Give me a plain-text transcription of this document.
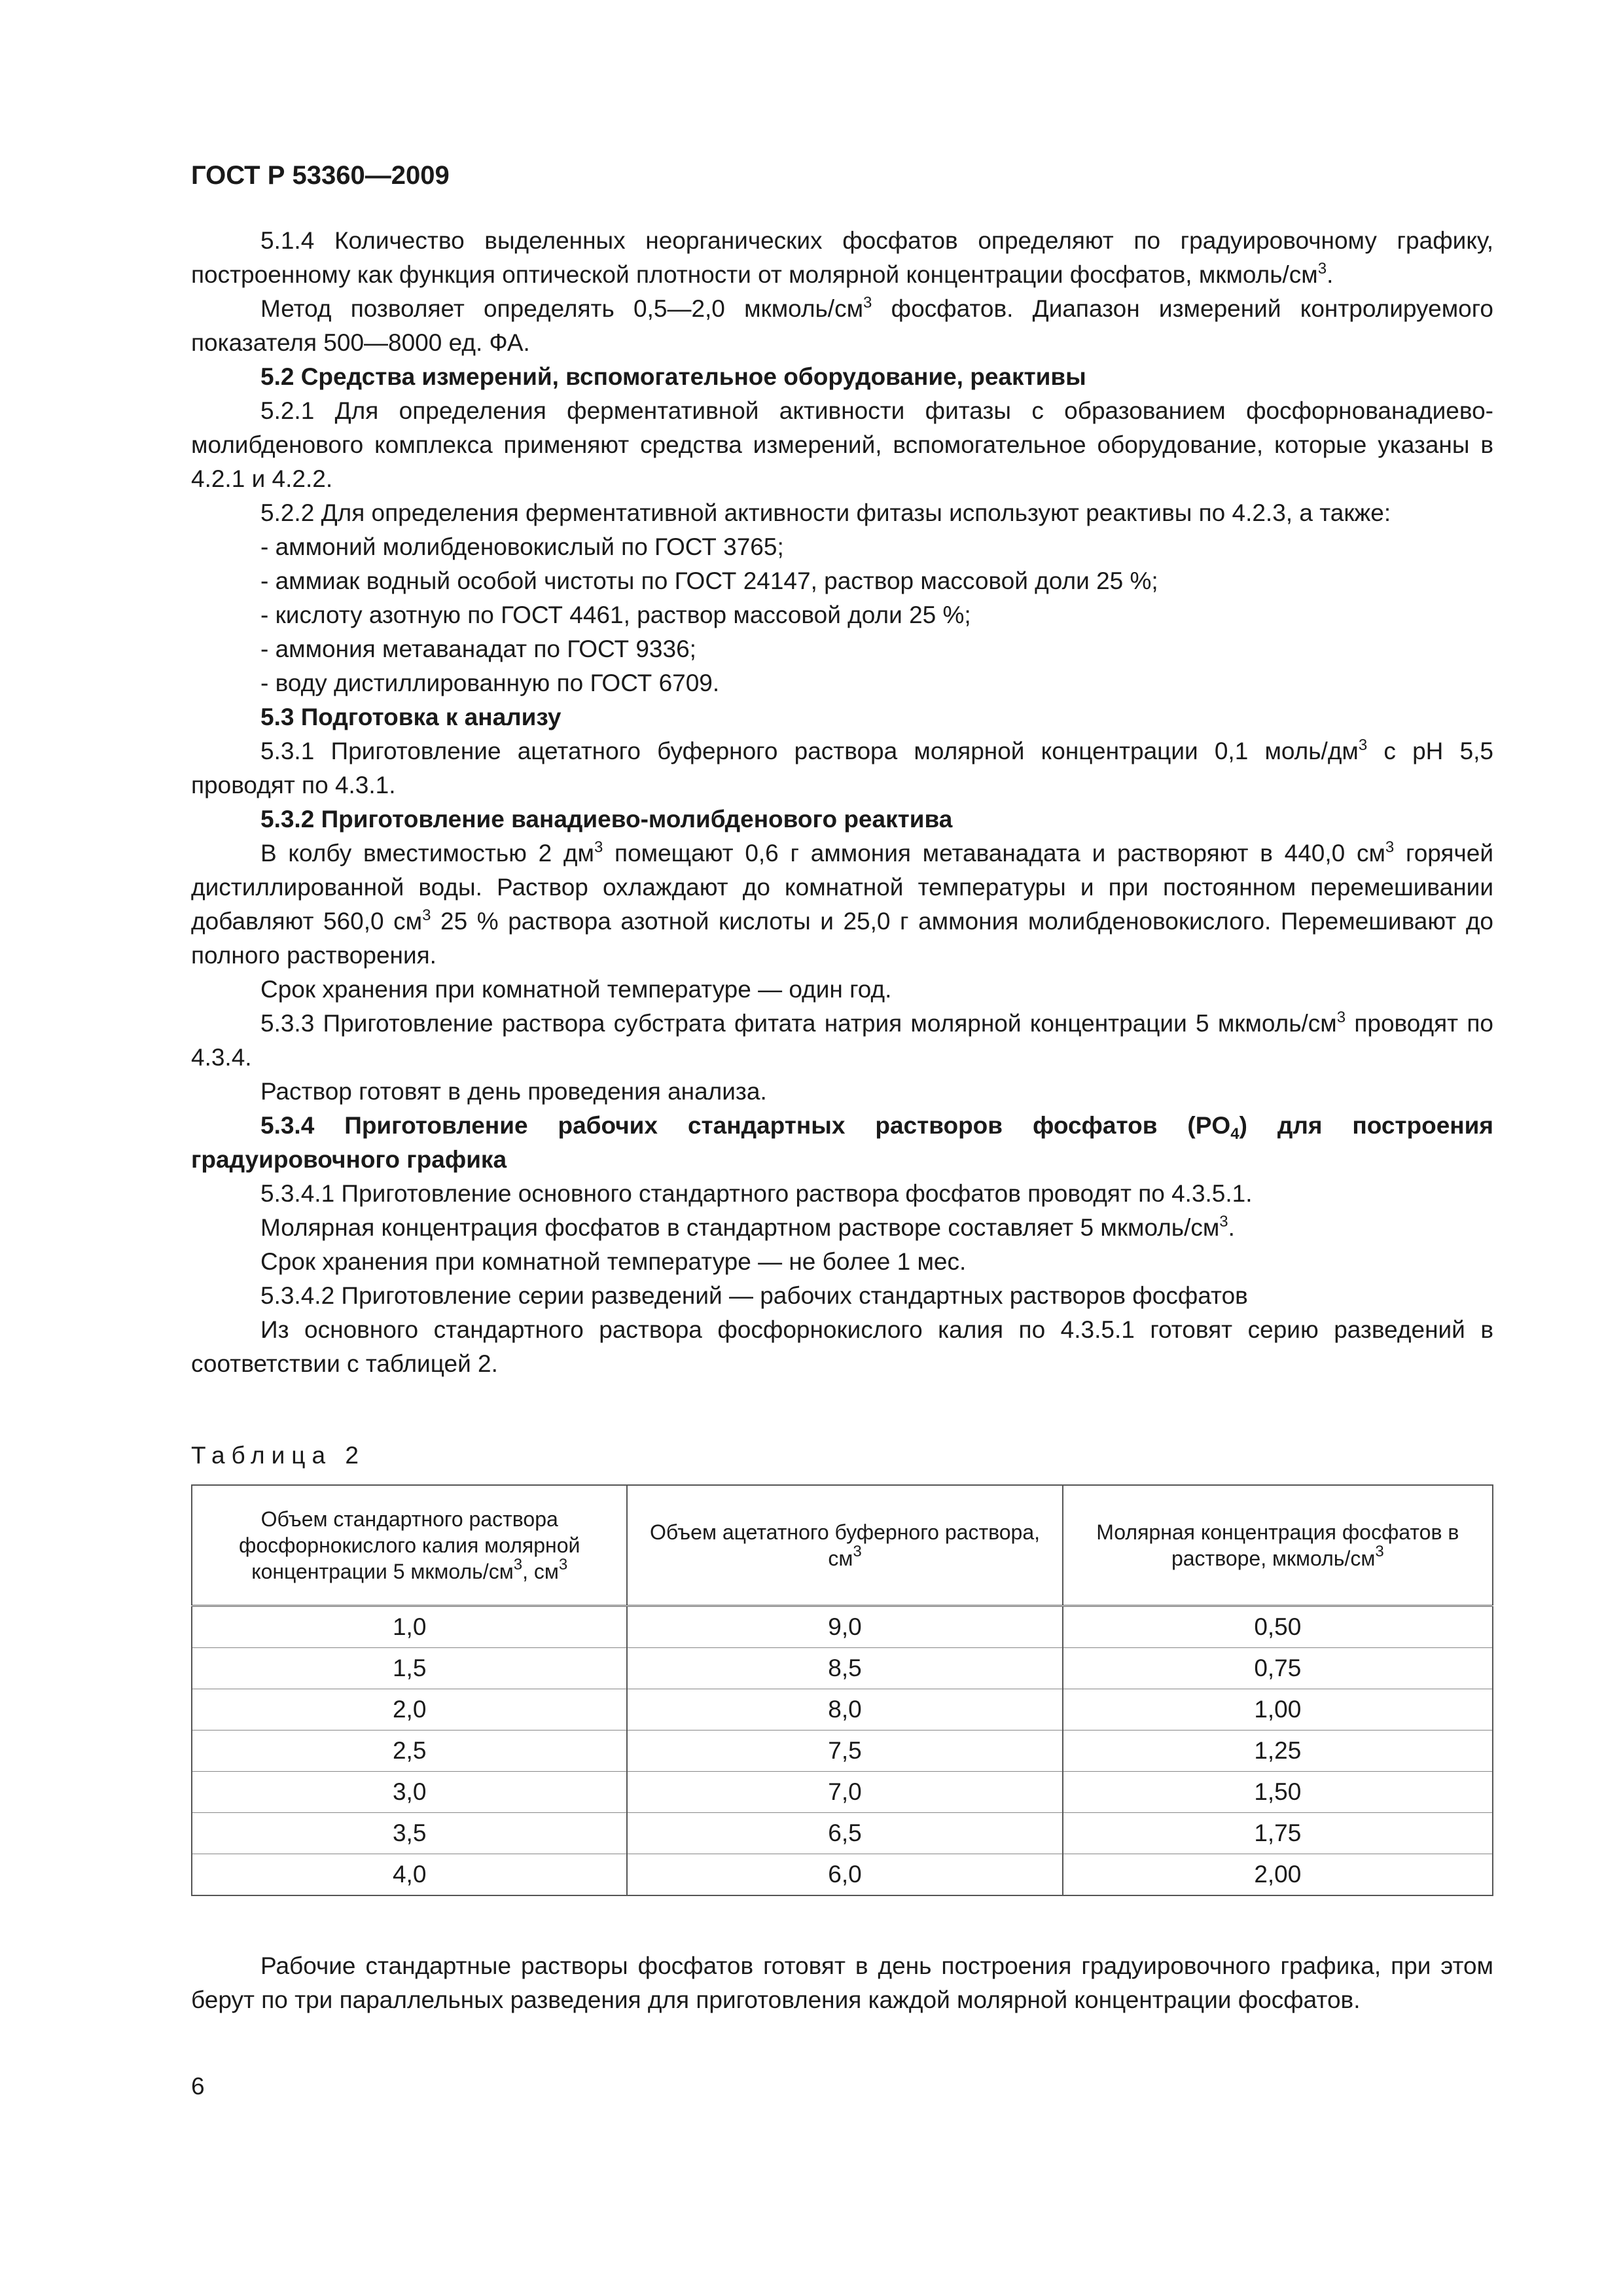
ГОСТ Р 53360—2009

5.1.4 Количество выделенных неорганических фосфатов определяют по градуировочному графику, построенному как функция оптической плотности от молярной концентрации фосфатов, мкмоль/$см^3$.

Метод позволяет определять 0,5—2,0 мкмоль/$см^3$ фосфатов. Диапазон измерений контролируемого показателя 500—8000 ед. ФА.

5.2 Средства измерений, вспомогательное оборудование, реактивы

5.2.1 Для определения ферментативной активности фитазы с образованием фосфорнованадиево-молибденового комплекса применяют средства измерений, вспомогательное оборудование, которые указаны в 4.2.1 и 4.2.2.

5.2.2 Для определения ферментативной активности фитазы используют реактивы по 4.2.3, а также:

- аммоний молибденовокислый по ГОСТ 3765;

- аммиак водный особой чистоты по ГОСТ 24147, раствор массовой доли 25 %;

- кислоту азотную по ГОСТ 4461, раствор массовой доли 25 %;

- аммония метаванадат по ГОСТ 9336;

- воду дистиллированную по ГОСТ 6709.

5.3 Подготовка к анализу

5.3.1 Приготовление ацетатного буферного раствора молярной концентрации 0,1 моль/$дм^3$ с pH 5,5 проводят по 4.3.1.

5.3.2 Приготовление ванадиево-молибденового реактива

В колбу вместимостью 2 $дм^3$ помещают 0,6 г аммония метаванадата и растворяют в 440,0 $см^3$ горячей дистиллированной воды. Раствор охлаждают до комнатной температуры и при постоянном перемешивании добавляют 560,0 $см^3$ 25 % раствора азотной кислоты и 25,0 г аммония молибденовокислого. Перемешивают до полного растворения.

Срок хранения при комнатной температуре — один год.

5.3.3 Приготовление раствора субстрата фитата натрия молярной концентрации 5 мкмоль/$см^3$ проводят по 4.3.4.

Раствор готовят в день проведения анализа.

5.3.4 Приготовление рабочих стандартных растворов фосфатов $(PO_4)$ для построения градуировочного графика

5.3.4.1 Приготовление основного стандартного раствора фосфатов проводят по 4.3.5.1.

Молярная концентрация фосфатов в стандартном растворе составляет 5 мкмоль/$см^3$.

Срок хранения при комнатной температуре — не более 1 мес.

5.3.4.2 Приготовление серии разведений — рабочих стандартных растворов фосфатов

Из основного стандартного раствора фосфорнокислого калия по 4.3.5.1 готовят серию разведений в соответствии с таблицей 2.

Таблица 2
Объем стандартного раствора фосфорнокислого калия молярной концентрации 5 мкмоль/$см^3$, $см^3$	Объем ацетатного буферного раствора, $см^3$	Молярная концентрация фосфатов в растворе, мкмоль/$см^3$
1,0	9,0	0,50
1,5	8,5	0,75
2,0	8,0	1,00
2,5	7,5	1,25
3,0	7,0	1,50
3,5	6,5	1,75
4,0	6,0	2,00

Рабочие стандартные растворы фосфатов готовят в день построения градуировочного графика, при этом берут по три параллельных разведения для приготовления каждой молярной концентрации фосфатов.

6
